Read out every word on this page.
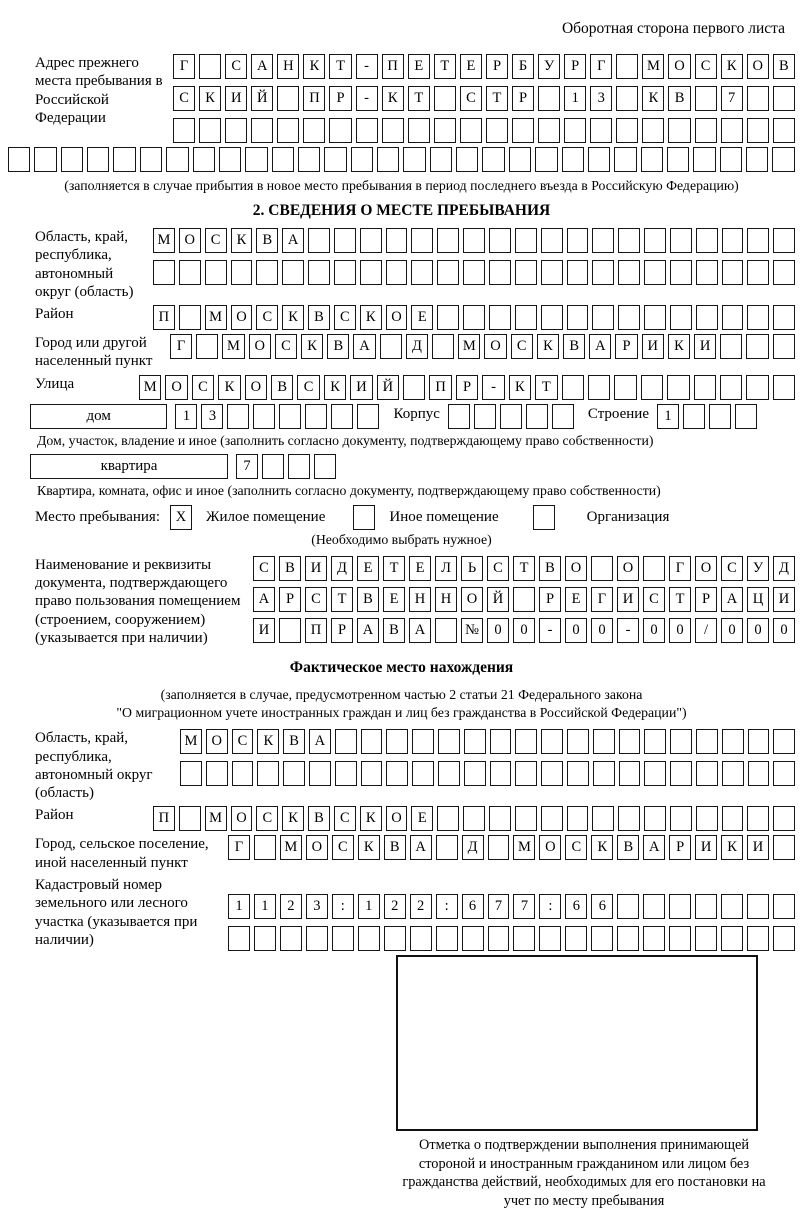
Оборотная сторона первого листа
Адрес прежнего места пребывания в Российской Федерации
Г	С	А	Н	К	Т	-	П	Е	Т	Е	Р	Б	У	Р	Г	М О	С	К	О	В
С	К	И	Й	П	Р	-	К	Т	С	Т	Р	1	3	К	В	7
(заполняется в случае прибытия в новое место пребывания в период последнего въезда в Российскую Федерацию)
2. СВЕДЕНИЯ О МЕСТЕ ПРЕБЫВАНИЯ
Область, край, республика, автономный округ (область)
М О	С	К	В	А
Район	П	М О	С	К	В	С	К	О	Е
Город или другой населенный пункт
Г	М	О	С	К	В	А	Д	М	О	С	К	В	А	Р	И	К	И
Улица	М	О	С	К	О	В	С	К	И	Й	П	Р	-	К	Т
дом	1	3	Корпус	Строение	1
Дом, участок, владение и иное (заполнить согласно документу, подтверждающему право собственности)
квартира	7
Квартира, комната, офис и иное (заполнить согласно документу, подтверждающему право собственности)
Место пребывания:	X	Жилое помещение	Иное помещение	Организация
(Необходимо выбрать нужное)
Наименование и реквизиты документа, подтверждающего право пользования помещением (строением, сооружением) (указывается при наличии)
С	В	И	Д	Е	Т	Е	Л	Ь	С	Т	В	О	О	Г	О	С	У	Д
А	Р	С	Т	В	Е	Н	Н	О	Й	Р	Е	Г	И	С	Т	Р	А	Ц	И
И	П	Р	А	В	А	№	0	0	-	0	0	-	0	0	/	0	0	0
Фактическое место нахождения
(заполняется в случае, предусмотренном частью 2 статьи 21 Федерального закона
"О миграционном учете иностранных граждан и лиц без гражданства в Российской Федерации")
Область, край, республика, автономный округ (область)
М О	С	К	В	А
Район	П	М О	С	К	В	С	К	О	Е
Город, сельское поселение, иной населенный пункт
Г	М О	С	К	В	А	Д	М О	С	К	В	А	Р	И	К	И
Кадастровый номер земельного или лесного участка (указывается при наличии)
1	1	2	3	:	1	2	2	:	6	7	7	:	6	6
Отметка о подтверждении выполнения принимающей стороной и иностранным гражданином или лицом без гражданства действий, необходимых для его постановки на учет по месту пребывания
